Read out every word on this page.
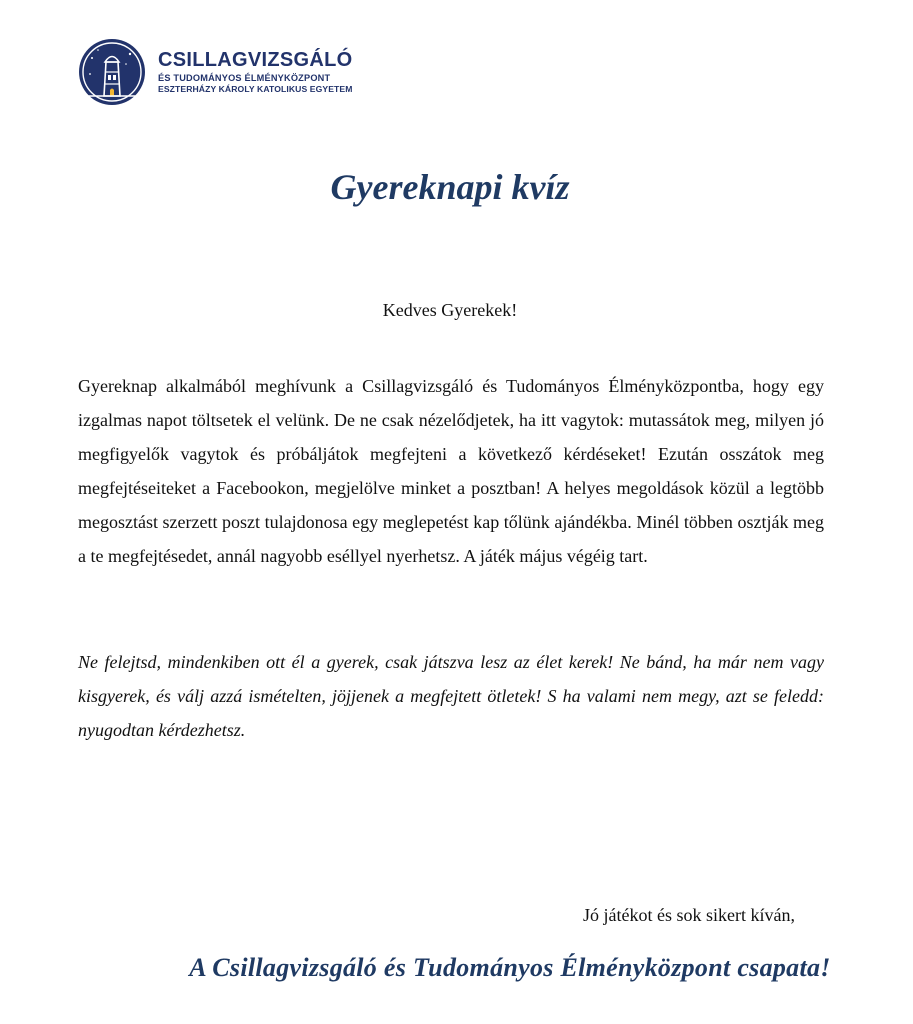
CSILLAGVIZSGÁLÓ
ÉS TUDOMÁNYOS ÉLMÉNYKÖZPONT
ESZTERHÁZY KÁROLY KATOLIKUS EGYETEM
Gyereknapi kvíz
Kedves Gyerekek!

Gyereknap alkalmából meghívunk a Csillagvizsgáló és Tudományos Élményközpontba, hogy egy izgalmas napot töltsetek el velünk. De ne csak nézelődjetek, ha itt vagytok: mutassátok meg, milyen jó megfigyelők vagytok és próbáljátok megfejteni a következő kérdéseket! Ezután osszátok meg megfejtéseiteket a Facebookon, megjelölve minket a posztban! A helyes megoldások közül a legtöbb megosztást szerzett poszt tulajdonosa egy meglepetést kap tőlünk ajándékba. Minél többen osztják meg a te megfejtésedet, annál nagyobb eséllyel nyerhetsz. A játék május végéig tart.

Ne felejtsd, mindenkiben ott él a gyerek, csak játszva lesz az élet kerek! Ne bánd, ha már nem vagy kisgyerek, és válj azzá ismételten, jöjjenek a megfejtett ötletek! S ha valami nem megy, azt se feledd: nyugodtan kérdezhetsz.

Jó játékot és sok sikert kíván,
A Csillagvizsgáló és Tudományos Élményközpont csapata!
